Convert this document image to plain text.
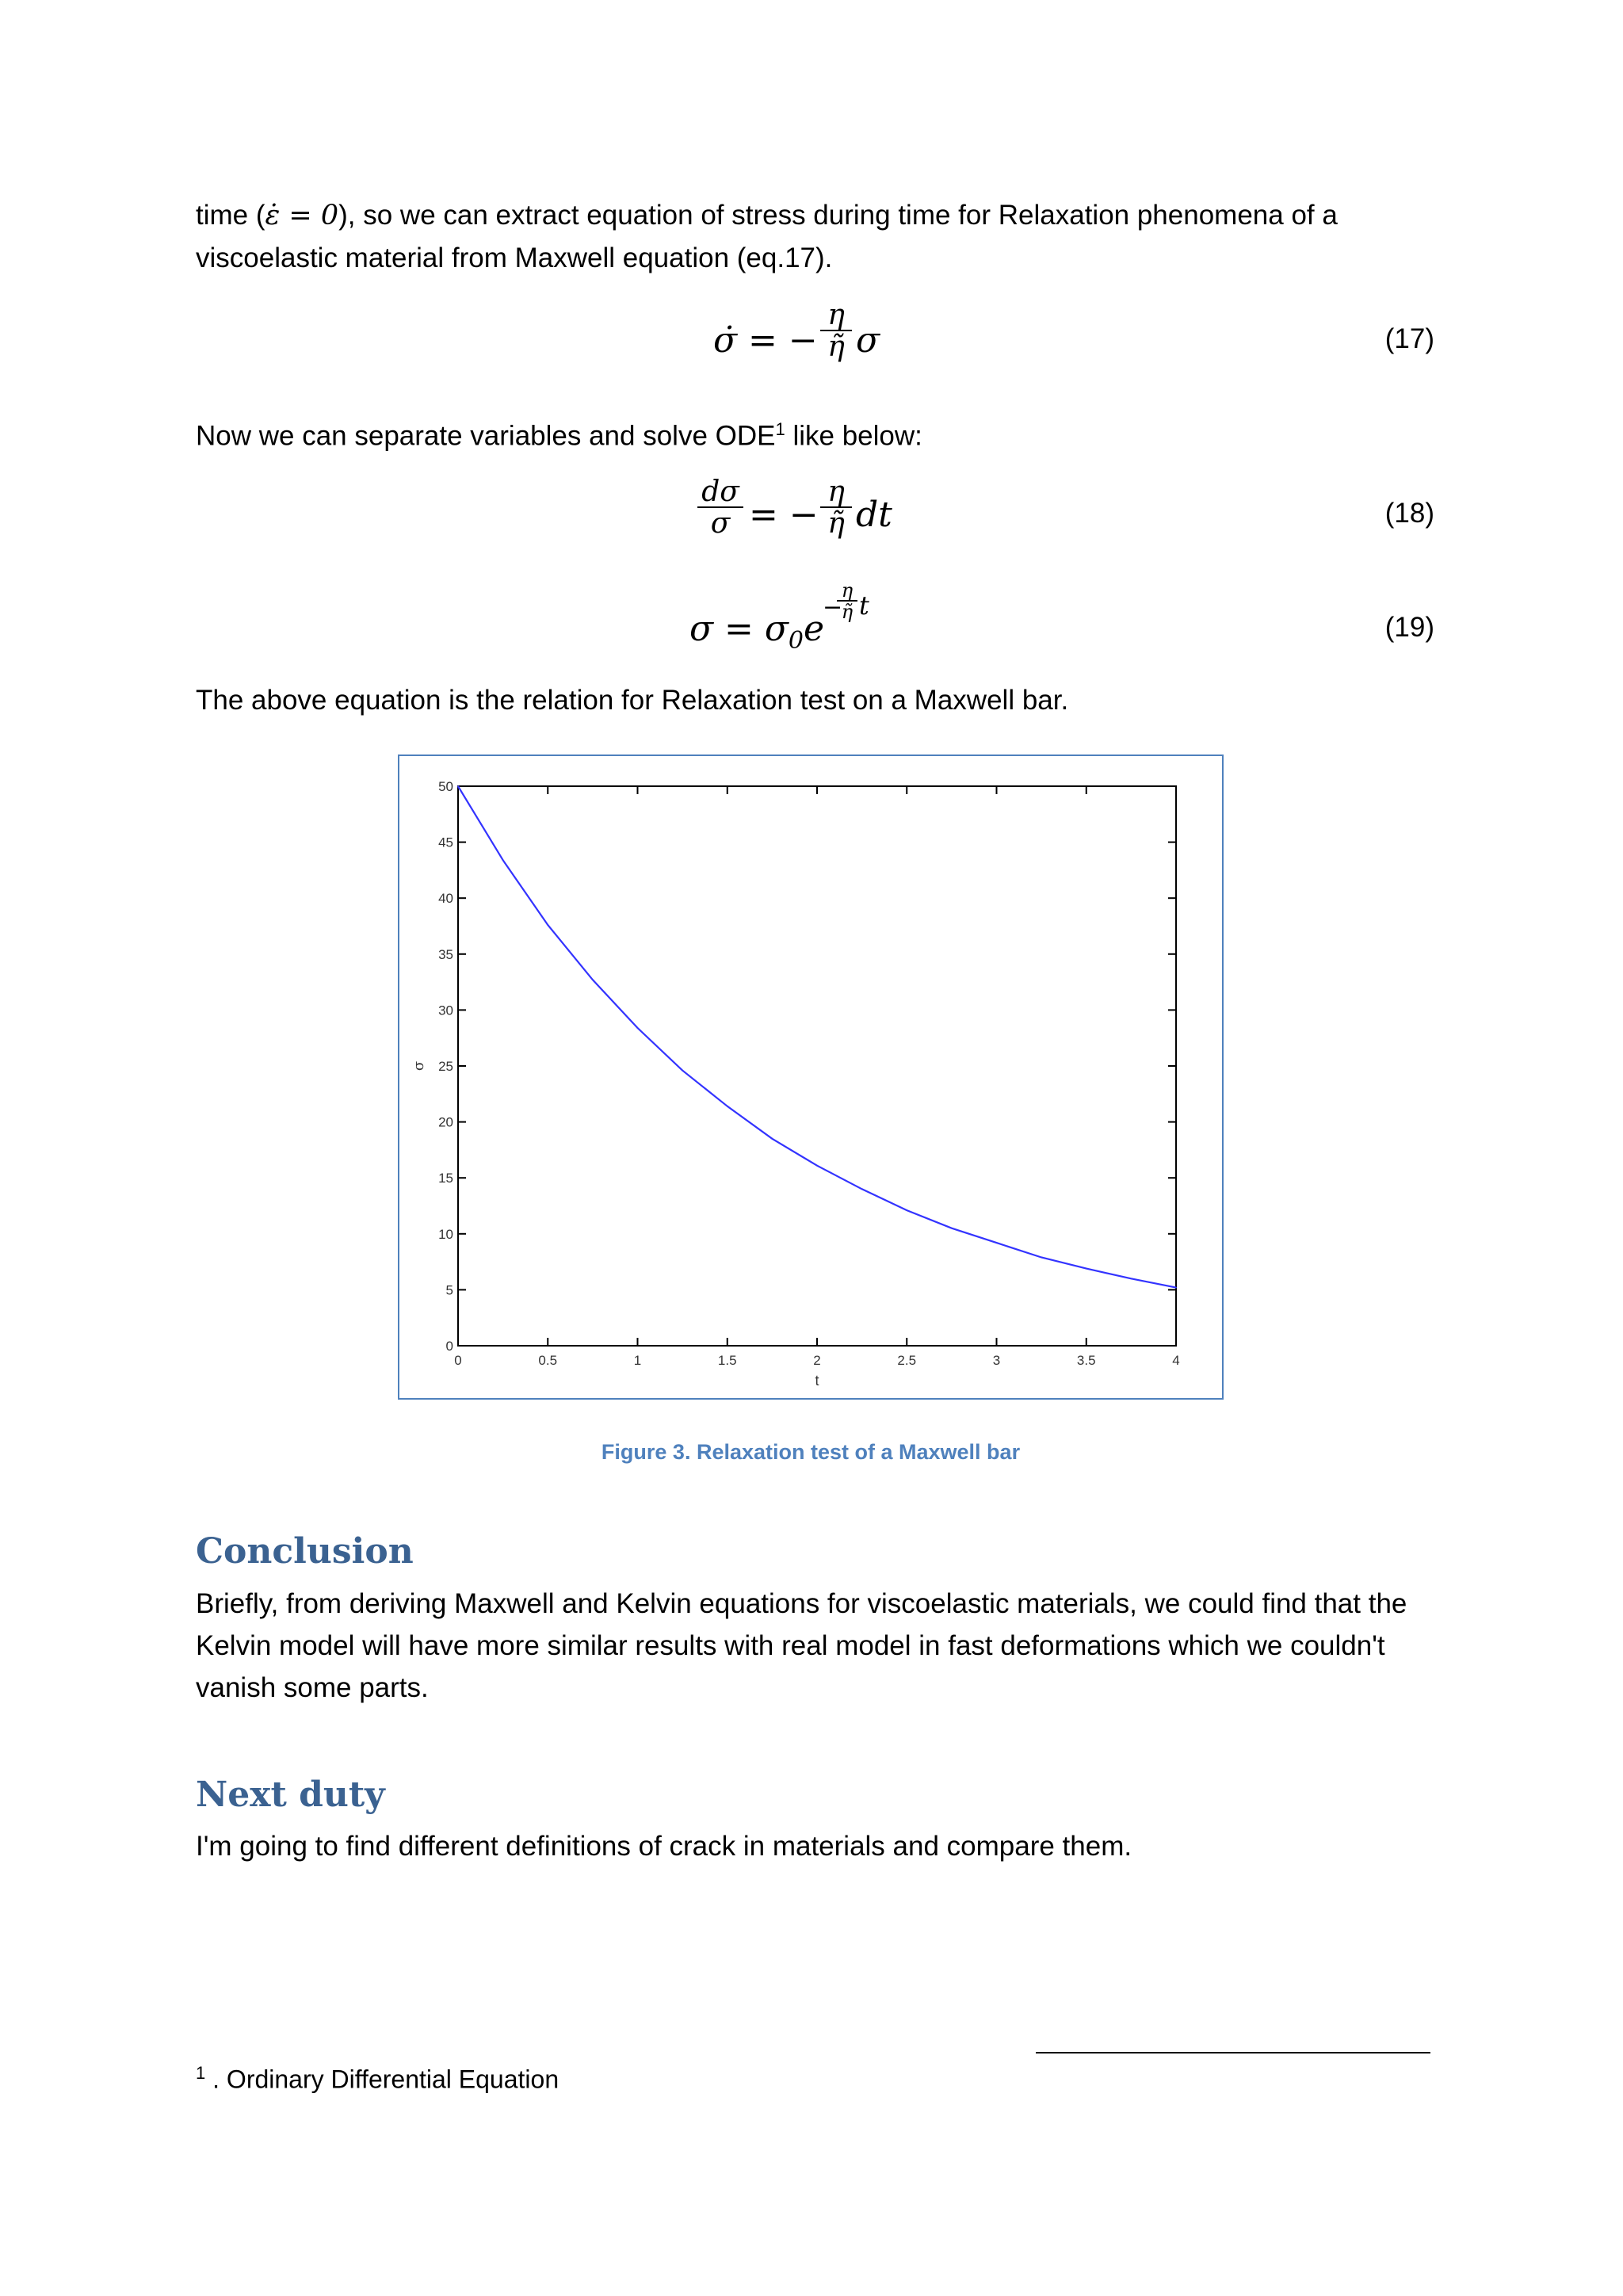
time (ε̇ = 0), so we can extract equation of stress during time for Relaxation phenomena of a
viscoelastic material from Maxwell equation (eq.17).
σ̇ = − $\frac{\eta}{\etã}$ σ	(17)
Now we can separate variables and solve ODE$^1$ like below:
$\frac{d\sigma}{\sigma}$ = − $\frac{\eta}{\etã}$ dt	(18)
$\sigma = \sigma_0e$
−
$\frac{\eta}{\etã}$ t
(19)
The above equation is the relation for Relaxation test on a Maxwell bar.
0	0.5	1	1.5	2	2.5	3	3.5	4
0
5
10
15
20
25
30
35
40
45
50
t
σ
Figure 3. Relaxation test of a Maxwell bar
Conclusion
Briefly, from deriving Maxwell and Kelvin equations for viscoelastic materials, we could find that the
Kelvin model will have more similar results with real model in fast deformations which we couldn't
vanish some parts.
Next duty
I'm going to find different definitions of crack in materials and compare them.
$^1$ . Ordinary Differential Equation
